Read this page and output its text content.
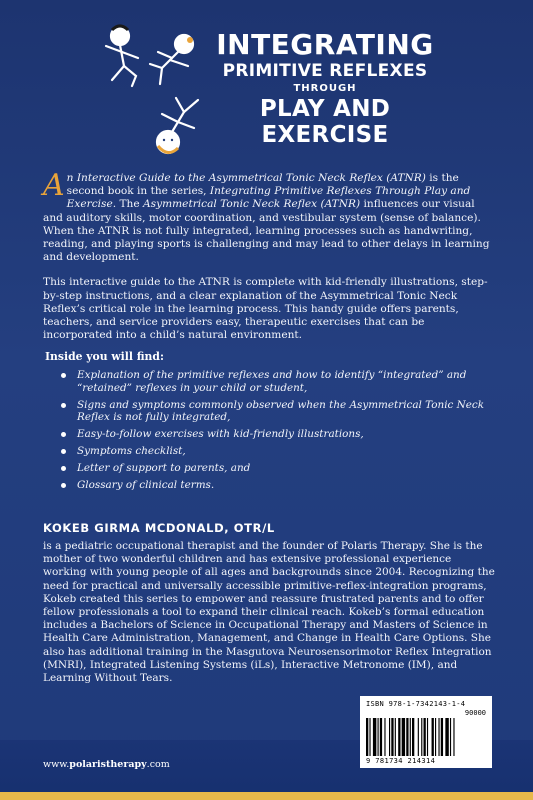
INTEGRATING
PRIMITIVE REFLEXES
THROUGH
PLAY AND EXERCISE

An Interactive Guide to the Asymmetrical Tonic Neck Reflex (ATNR) is the second book in the series, Integrating Primitive Reflexes Through Play and Exercise. The Asymmetrical Tonic Neck Reflex (ATNR) influences our visual and auditory skills, motor coordination, and vestibular system (sense of balance). When the ATNR is not fully integrated, learning processes such as handwriting, reading, and playing sports is challenging and may lead to other delays in learning and development.

This interactive guide to the ATNR is complete with kid-friendly illustrations, step-by-step instructions, and a clear explanation of the Asymmetrical Tonic Neck Reflex’s critical role in the learning process. This handy guide offers parents, teachers, and service providers easy, therapeutic exercises that can be incorporated into a child’s natural environment.

Inside you will find:
Explanation of the primitive reflexes and how to identify “integrated” and “retained” reflexes in your child or student,
Signs and symptoms commonly observed when the Asymmetrical Tonic Neck Reflex is not fully integrated,
Easy-to-follow exercises with kid-friendly illustrations,
Symptoms checklist,
Letter of support to parents, and
Glossary of clinical terms.
KOKEB GIRMA MCDONALD, OTR/L

is a pediatric occupational therapist and the founder of Polaris Therapy. She is the mother of two wonderful children and has extensive professional experience working with young people of all ages and backgrounds since 2004. Recognizing the need for practical and universally accessible primitive-reflex-integration programs, Kokeb created this series to empower and reassure frustrated parents and to offer fellow professionals a tool to expand their clinical reach. Kokeb’s formal education includes a Bachelors of Science in Occupational Therapy and Masters of Science in Health Care Administration, Management, and Change in Health Care Options. She also has additional training in the Masgutova Neurosensorimotor Reflex Integration (MNRI), Integrated Listening Systems (iLs), Interactive Metronome (IM), and Learning Without Tears.

ISBN 978-1-7342143-1-4
90000
9 781734 214314
www.polaristherapy.com
